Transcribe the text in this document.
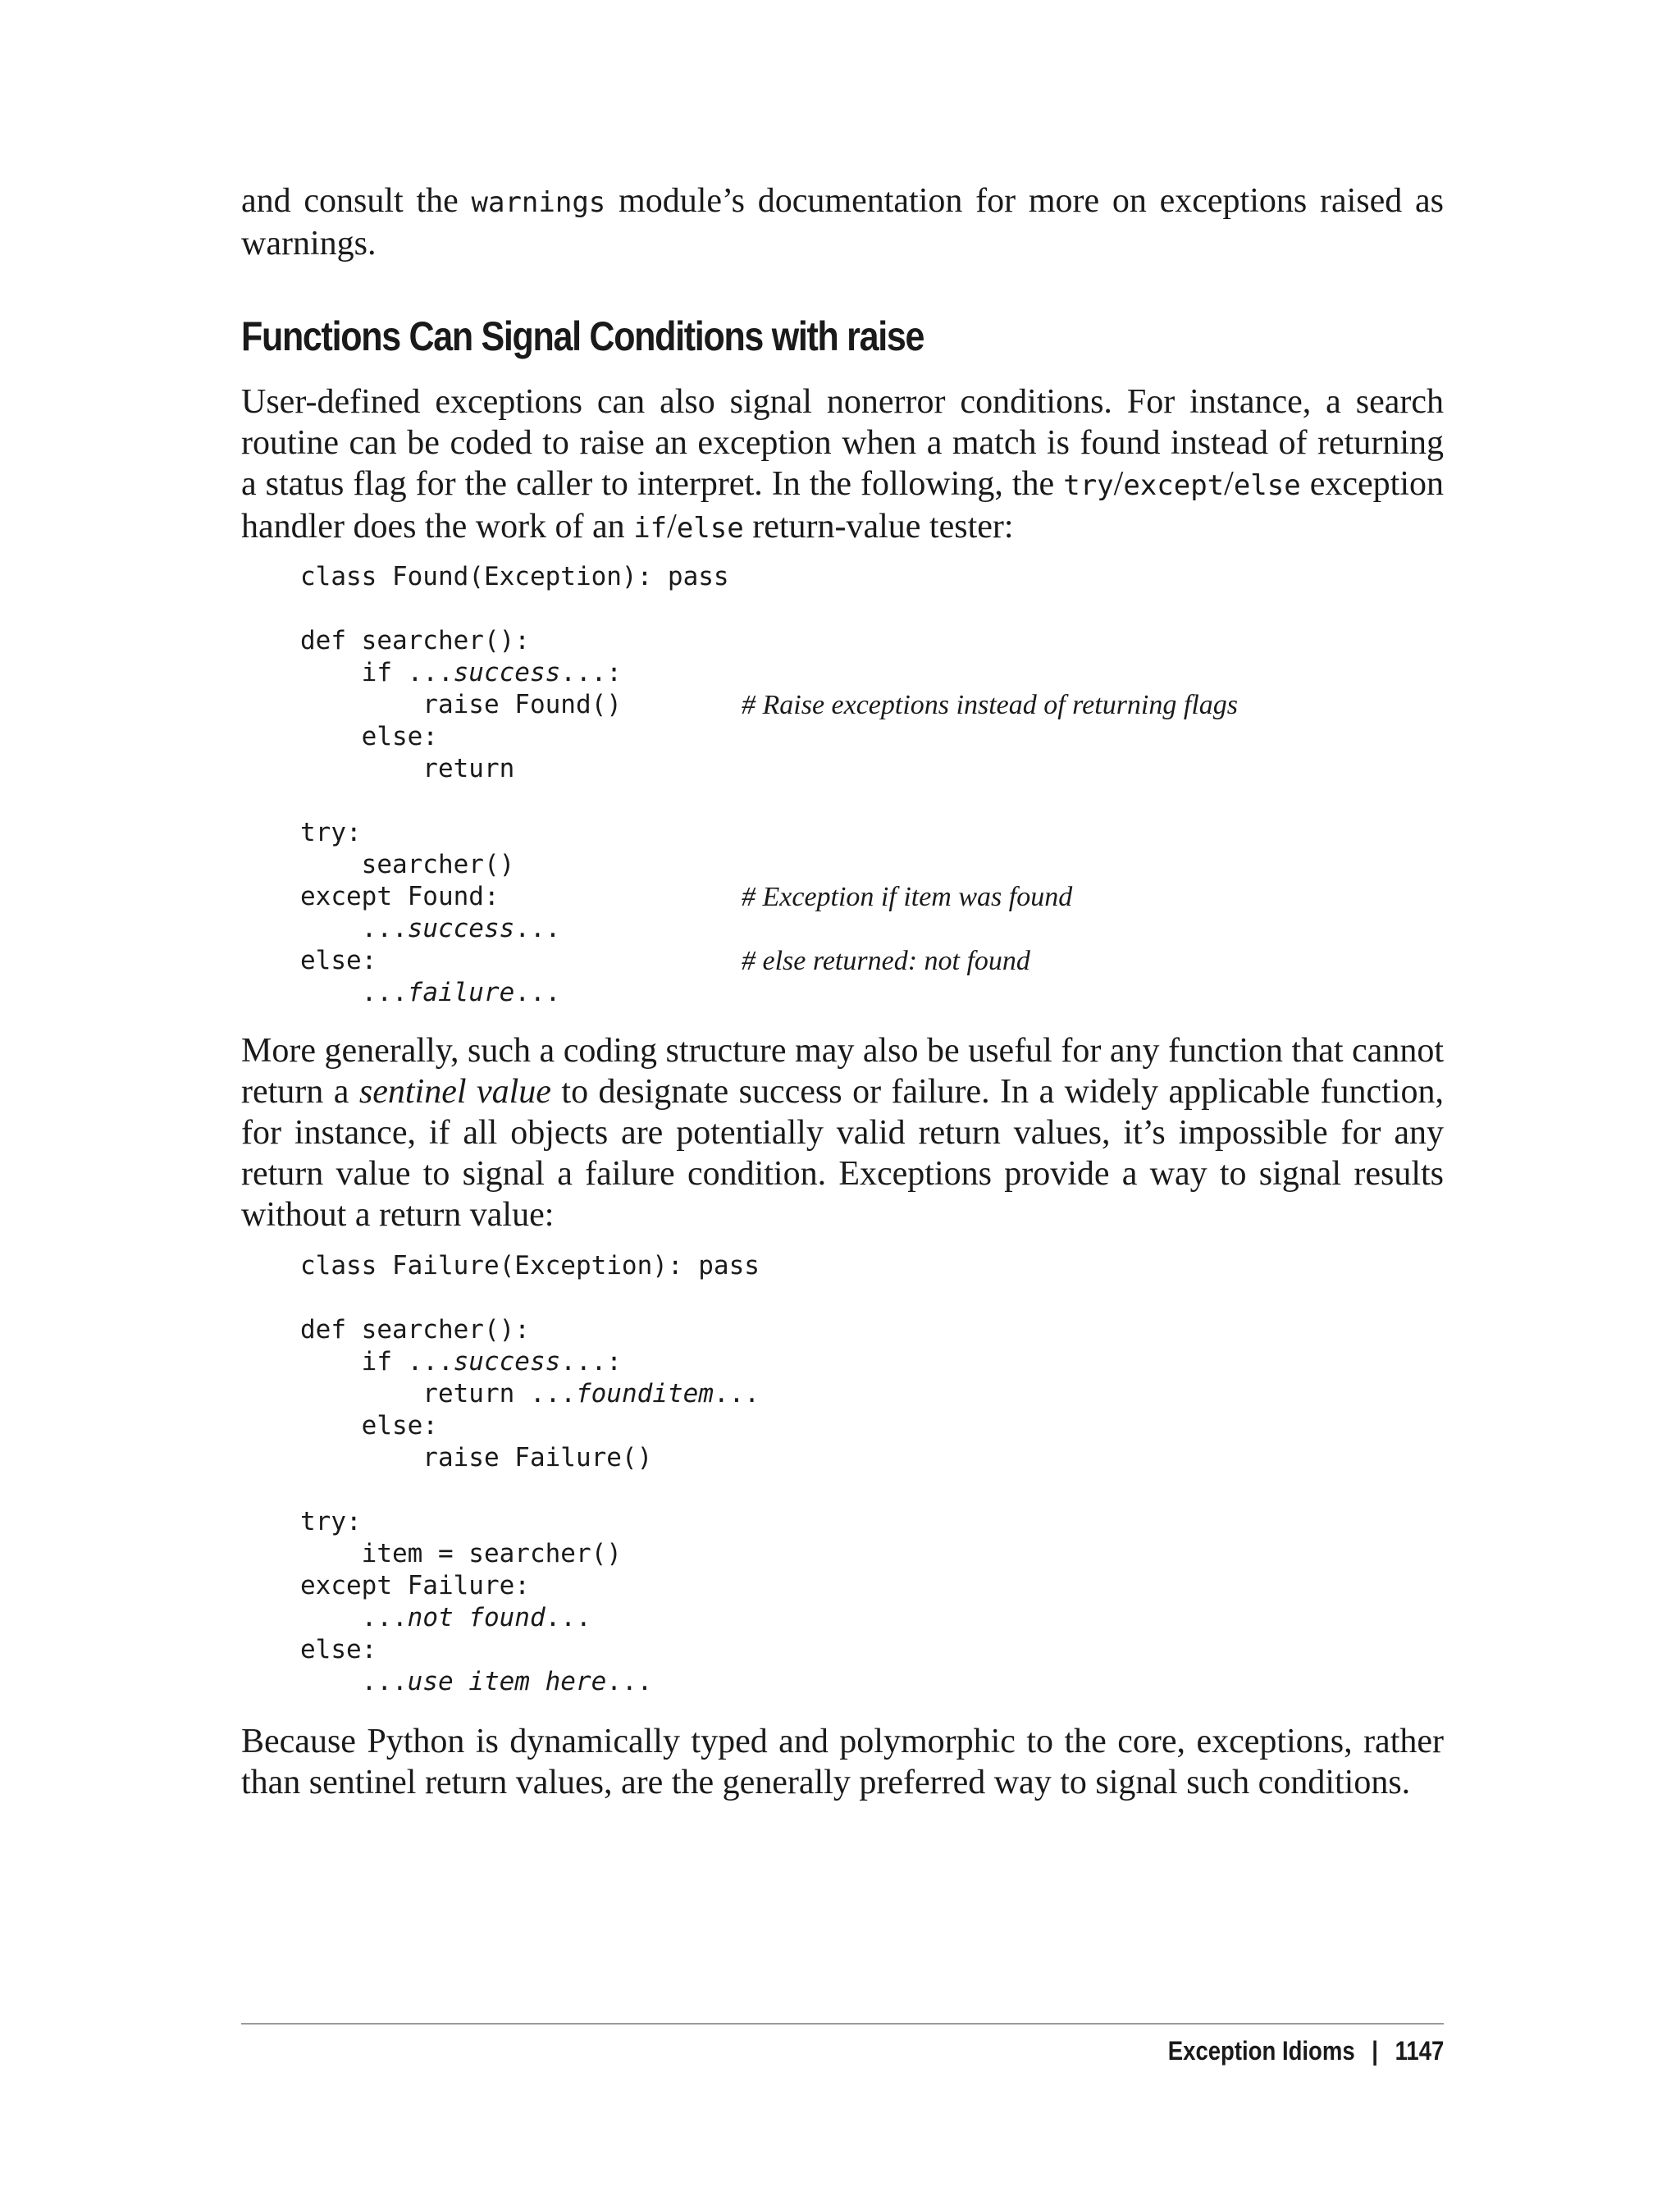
and consult the warnings module’s documentation for more on exceptions raised as
warnings.

Functions Can Signal Conditions with raise

User-defined exceptions can also signal nonerror conditions. For instance, a search
routine can be coded to raise an exception when a match is found instead of returning
a status flag for the caller to interpret. In the following, the try/except/else exception
handler does the work of an if/else return-value tester:

class Found(Exception): pass

def searcher():
if ...success...:
raise Found()
else:
return

try:
searcher()
except Found:
...success...
else:
...failure...
# Raise exceptions instead of returning flags
# Exception if item was found
# else returned: not found

More generally, such a coding structure may also be useful for any function that cannot
return a sentinel value to designate success or failure. In a widely applicable function,
for instance, if all objects are potentially valid return values, it’s impossible for any
return value to signal a failure condition. Exceptions provide a way to signal results
without a return value:

class Failure(Exception): pass

def searcher():
if ...success...:
return ...founditem...
else:
raise Failure()

try:
item = searcher()
except Failure:
...not found...
else:
...use item here...

Because Python is dynamically typed and polymorphic to the core, exceptions, rather
than sentinel return values, are the generally preferred way to signal such conditions.

Exception Idioms | 1147
